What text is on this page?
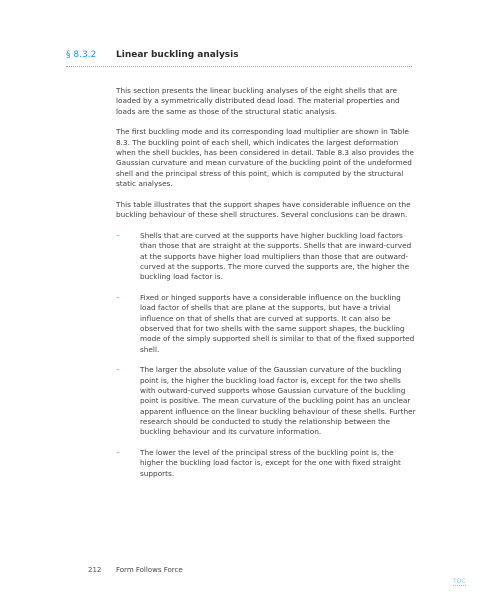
§ 8.3.2 Linear buckling analysis

This section presents the linear buckling analyses of the eight shells that are loaded by a symmetrically distributed dead load. The material properties and loads are the same as those of the structural static analysis.

The first buckling mode and its corresponding load multiplier are shown in Table 8.3. The buckling point of each shell, which indicates the largest deformation when the shell buckles, has been considered in detail. Table 8.3 also provides the Gaussian curvature and mean curvature of the buckling point of the undeformed shell and the principal stress of this point, which is computed by the structural static analyses.

This table illustrates that the support shapes have considerable influence on the buckling behaviour of these shell structures. Several conclusions can be drawn.

–	Shells that are curved at the supports have higher buckling load factors than those that are straight at the supports. Shells that are inward-curved at the supports have higher load multipliers than those that are outward-curved at the supports. The more curved the supports are, the higher the buckling load factor is.
–	Fixed or hinged supports have a considerable influence on the buckling load factor of shells that are plane at the supports, but have a trivial influence on that of shells that are curved at supports. It can also be observed that for two shells with the same support shapes, the buckling mode of the simply supported shell is similar to that of the fixed supported shell.
–	The larger the absolute value of the Gaussian curvature of the buckling point is, the higher the buckling load factor is, except for the two shells with outward-curved supports whose Gaussian curvature of the buckling point is positive. The mean curvature of the buckling point has an unclear apparent influence on the linear buckling behaviour of these shells. Further research should be conducted to study the relationship between the buckling behaviour and its curvature information.
–	The lower the level of the principal stress of the buckling point is, the higher the buckling load factor is, except for the one with fixed straight supports.
212 Form Follows Force
TOC
